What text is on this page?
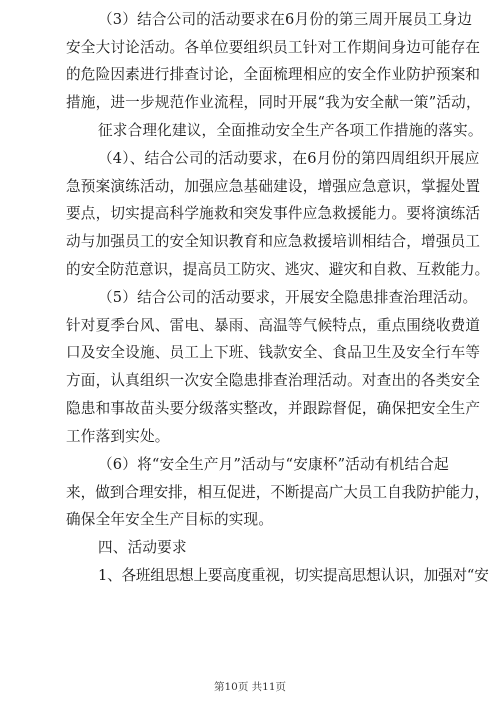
（3）结合公司的活动要求在6月份的第三周开展员工身边
安全大讨论活动。各单位要组织员工针对工作期间身边可能存在
的危险因素进行排查讨论，全面梳理相应的安全作业防护预案和
措施，进一步规范作业流程，同时开展“我为安全献一策”活动，
征求合理化建议，全面推动安全生产各项工作措施的落实。
（4）、结合公司的活动要求，在6月份的第四周组织开展应
急预案演练活动，加强应急基础建设，增强应急意识，掌握处置
要点，切实提高科学施救和突发事件应急救援能力。要将演练活
动与加强员工的安全知识教育和应急救援培训相结合，增强员工
的安全防范意识，提高员工防灾、逃灾、避灾和自救、互救能力。
（5）结合公司的活动要求，开展安全隐患排查治理活动。
针对夏季台风、雷电、暴雨、高温等气候特点，重点围绕收费道
口及安全设施、员工上下班、钱款安全、食品卫生及安全行车等
方面，认真组织一次安全隐患排查治理活动。对查出的各类安全
隐患和事故苗头要分级落实整改，并跟踪督促，确保把安全生产
工作落到实处。
（6）将“安全生产月”活动与“安康杯”活动有机结合起
来，做到合理安排，相互促进，不断提高广大员工自我防护能力，
确保全年安全生产目标的实现。
四、活动要求
1、各班组思想上要高度重视，切实提高思想认识，加强对“安
第10页 共11页
